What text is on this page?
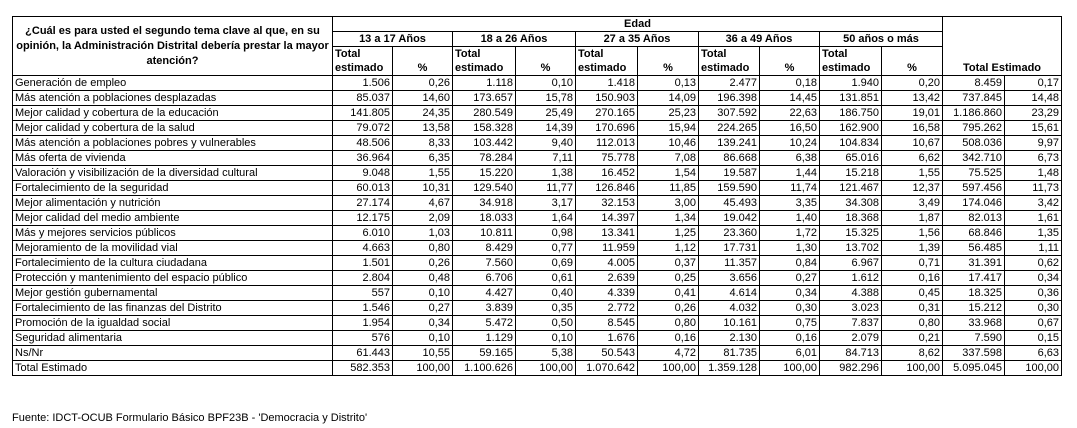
¿Cuál es para usted el segundo tema clave al que, en su opinión, la Administración Distrital debería prestar la mayor atención?	Edad										Total Estimado	
	13 a 17 Años		18 a 26 Años		27 a 35 Años		36 a 49 Años		50 años o más			
	Total estimado	%	Total estimado	%	Total estimado	%	Total estimado	%	Total estimado	%		

Generación de empleo	1.506	0,26	1.118	0,10	1.418	0,13	2.477	0,18	1.940	0,20	8.459	0,17
Más atención a poblaciones desplazadas	85.037	14,60	173.657	15,78	150.903	14,09	196.398	14,45	131.851	13,42	737.845	14,48
Mejor calidad y cobertura de la educación	141.805	24,35	280.549	25,49	270.165	25,23	307.592	22,63	186.750	19,01	1.186.860	23,29
Mejor calidad y cobertura de la salud	79.072	13,58	158.328	14,39	170.696	15,94	224.265	16,50	162.900	16,58	795.262	15,61
Más atención a poblaciones pobres y vulnerables	48.506	8,33	103.442	9,40	112.013	10,46	139.241	10,24	104.834	10,67	508.036	9,97
Más oferta de vivienda	36.964	6,35	78.284	7,11	75.778	7,08	86.668	6,38	65.016	6,62	342.710	6,73
Valoración y visibilización de la diversidad cultural	9.048	1,55	15.220	1,38	16.452	1,54	19.587	1,44	15.218	1,55	75.525	1,48
Fortalecimiento de la seguridad	60.013	10,31	129.540	11,77	126.846	11,85	159.590	11,74	121.467	12,37	597.456	11,73
Mejor alimentación y nutrición	27.174	4,67	34.918	3,17	32.153	3,00	45.493	3,35	34.308	3,49	174.046	3,42
Mejor calidad del medio ambiente	12.175	2,09	18.033	1,64	14.397	1,34	19.042	1,40	18.368	1,87	82.013	1,61
Más y mejores servicios públicos	6.010	1,03	10.811	0,98	13.341	1,25	23.360	1,72	15.325	1,56	68.846	1,35
Mejoramiento de la movilidad vial	4.663	0,80	8.429	0,77	11.959	1,12	17.731	1,30	13.702	1,39	56.485	1,11
Fortalecimiento de la cultura ciudadana	1.501	0,26	7.560	0,69	4.005	0,37	11.357	0,84	6.967	0,71	31.391	0,62
Protección y mantenimiento del espacio público	2.804	0,48	6.706	0,61	2.639	0,25	3.656	0,27	1.612	0,16	17.417	0,34
Mejor gestión gubernamental	557	0,10	4.427	0,40	4.339	0,41	4.614	0,34	4.388	0,45	18.325	0,36
Fortalecimiento de las finanzas del Distrito	1.546	0,27	3.839	0,35	2.772	0,26	4.032	0,30	3.023	0,31	15.212	0,30
Promoción de la igualdad social	1.954	0,34	5.472	0,50	8.545	0,80	10.161	0,75	7.837	0,80	33.968	0,67
Seguridad alimentaria	576	0,10	1.129	0,10	1.676	0,16	2.130	0,16	2.079	0,21	7.590	0,15
Ns/Nr	61.443	10,55	59.165	5,38	50.543	4,72	81.735	6,01	84.713	8,62	337.598	6,63
Total Estimado	582.353	100,00	1.100.626	100,00	1.070.642	100,00	1.359.128	100,00	982.296	100,00	5.095.045	100,00
Fuente: IDCT-OCUB Formulario Básico BPF23B - 'Democracia y Distrito'
